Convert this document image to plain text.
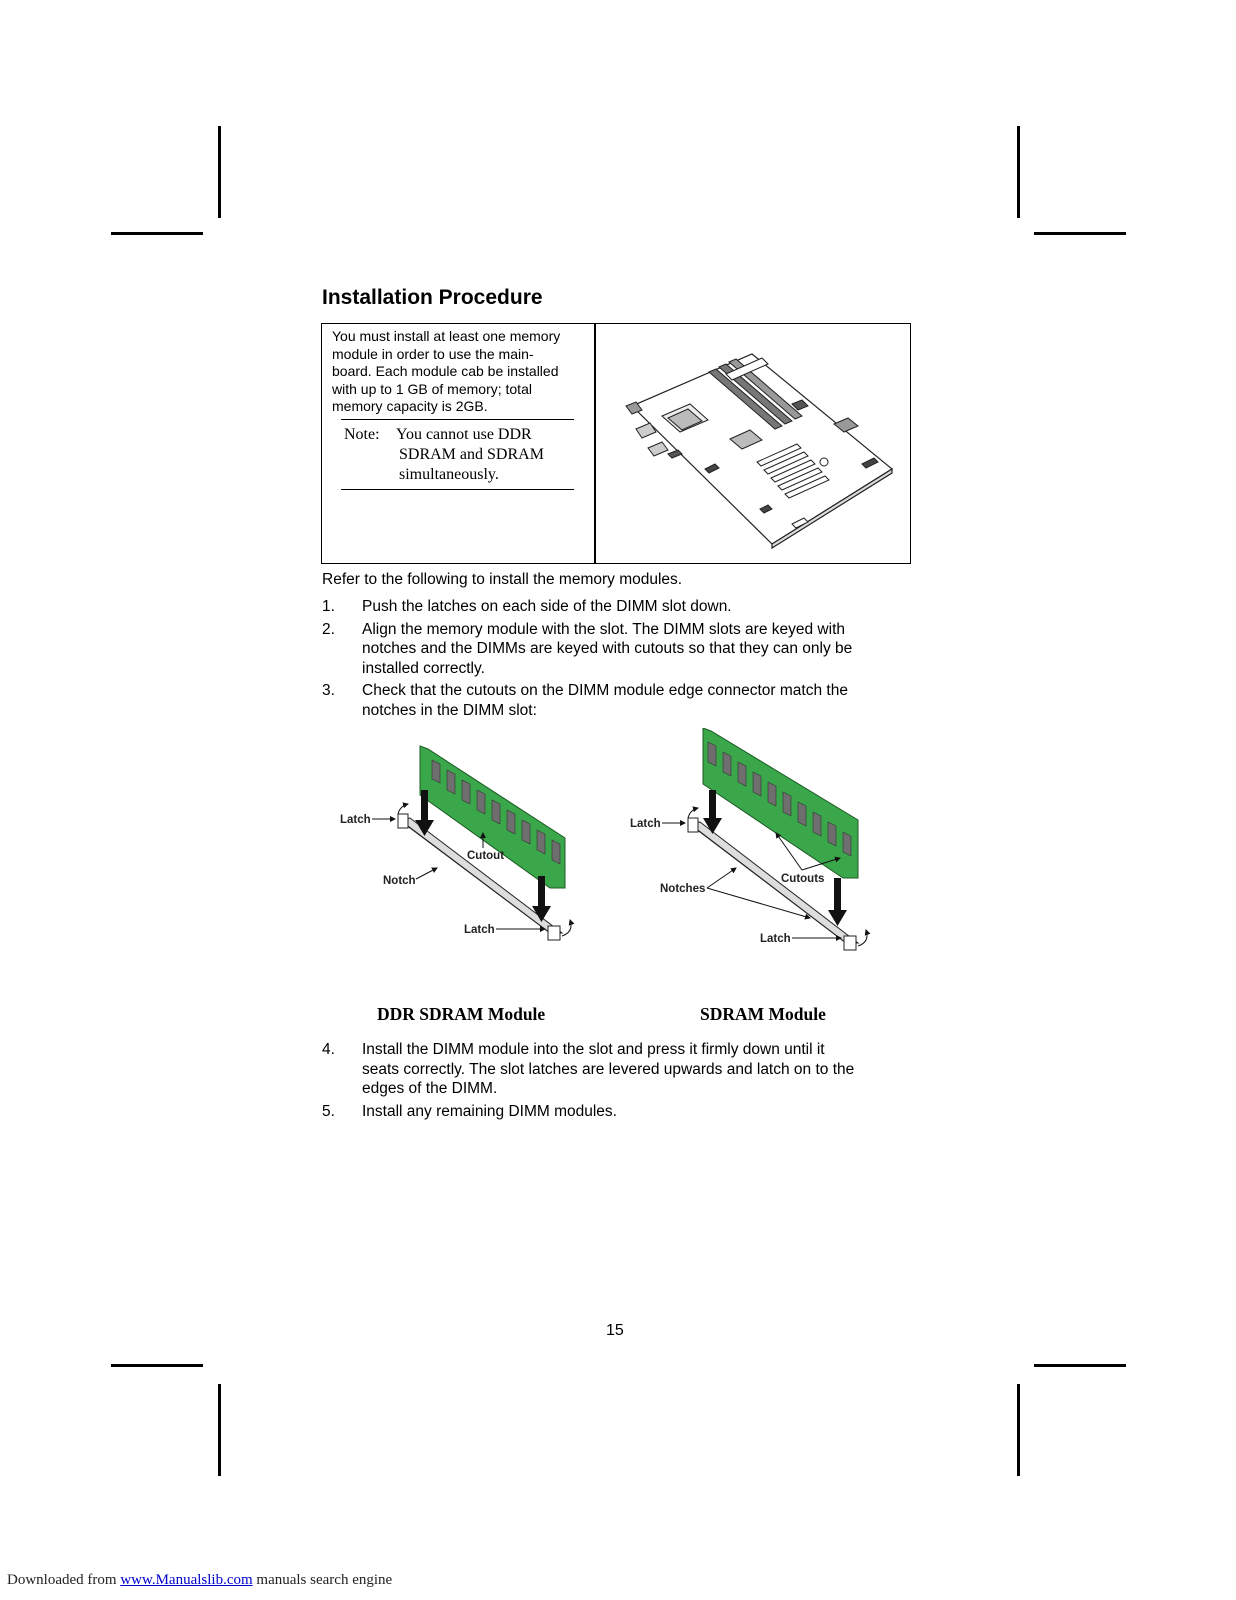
Installation Procedure
You must install at least one memory
module in order to use the main-
board. Each module cab be installed
with up to 1 GB of memory; total
memory capacity is 2GB.
Note: You cannot use DDR
SDRAM and SDRAM
simultaneously.
Refer to the following to install the memory modules.
1. Push the latches on each side of the DIMM slot down.
2. Align the memory module with the slot. The DIMM slots are keyed with
notches and the DIMMs are keyed with cutouts so that they can only be
installed correctly.
3. Check that the cutouts on the DIMM module edge connector match the
notches in the DIMM slot:
Latch
Cutout
Notch
Latch
Latch
Cutouts
Notches
Latch
DDR SDRAM Module	SDRAM Module
4. Install the DIMM module into the slot and press it firmly down until it
seats correctly. The slot latches are levered upwards and latch on to the
edges of the DIMM.
5. Install any remaining DIMM modules.
15
Downloaded from www.Manualslib.com manuals search engine
